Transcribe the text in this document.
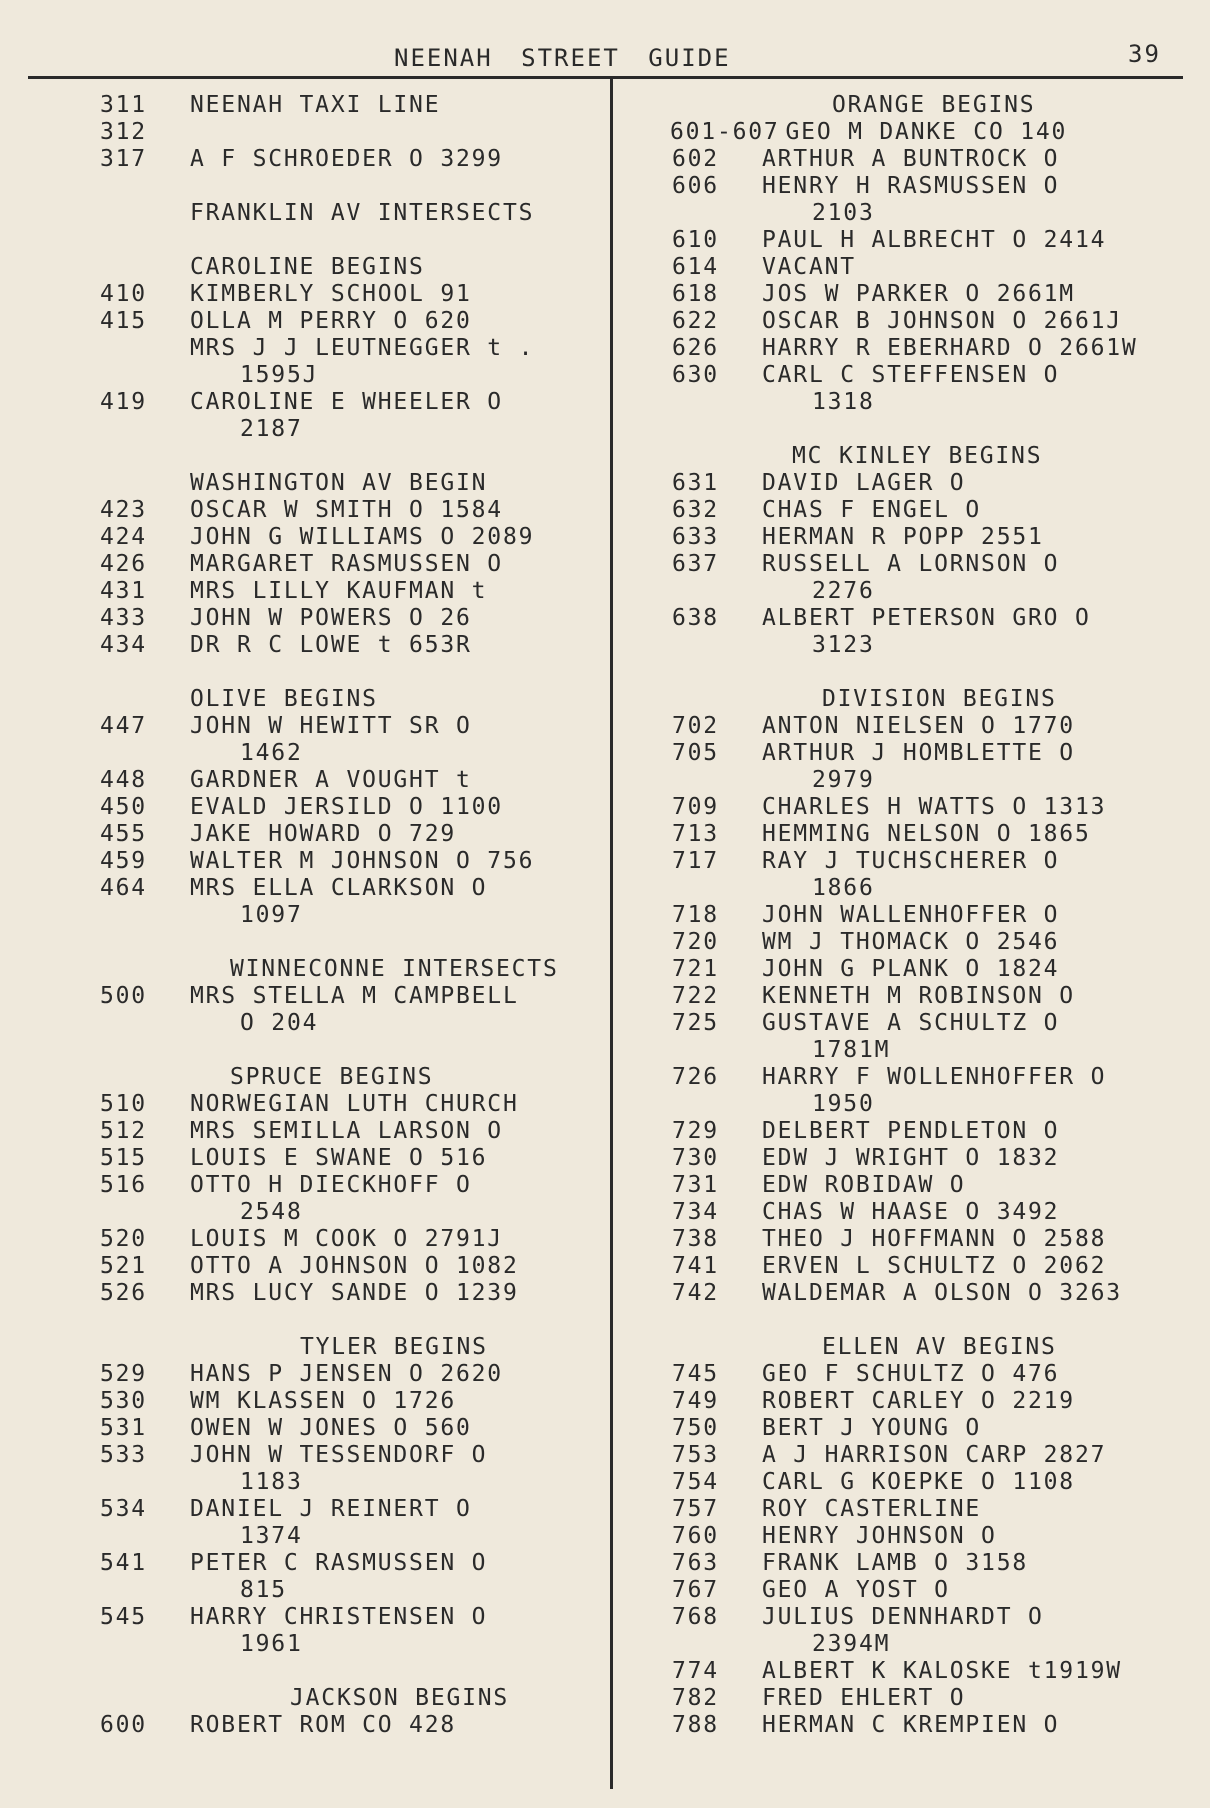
NEENAH STREET GUIDE	39
311 NEENAH TAXI LINE
312
317 A F SCHROEDER O 3299
FRANKLIN AV INTERSECTS
CAROLINE BEGINS
410 KIMBERLY SCHOOL 91
415 OLLA M PERRY O 620
MRS J J LEUTNEGGER t .
1595J
419 CAROLINE E WHEELER O
2187
WASHINGTON AV BEGIN
423 OSCAR W SMITH O 1584
424 JOHN G WILLIAMS O 2089
426 MARGARET RASMUSSEN O
431 MRS LILLY KAUFMAN t
433 JOHN W POWERS O 26
434 DR R C LOWE t 653R
OLIVE BEGINS
447 JOHN W HEWITT SR O
1462
448 GARDNER A VOUGHT t
450 EVALD JERSILD O 1100
455 JAKE HOWARD O 729
459 WALTER M JOHNSON O 756
464 MRS ELLA CLARKSON O
1097
WINNECONNE INTERSECTS
500 MRS STELLA M CAMPBELL
O 204
SPRUCE BEGINS
510 NORWEGIAN LUTH CHURCH
512 MRS SEMILLA LARSON O
515 LOUIS E SWANE O 516
516 OTTO H DIECKHOFF O
2548
520 LOUIS M COOK O 2791J
521 OTTO A JOHNSON O 1082
526 MRS LUCY SANDE O 1239
TYLER BEGINS
529 HANS P JENSEN O 2620
530 WM KLASSEN O 1726
531 OWEN W JONES O 560
533 JOHN W TESSENDORF O
1183
534 DANIEL J REINERT O
1374
541 PETER C RASMUSSEN O
815
545 HARRY CHRISTENSEN O
1961
JACKSON BEGINS
600 ROBERT ROM CO 428
ORANGE BEGINS
601-607 GEO M DANKE CO 140
602 ARTHUR A BUNTROCK O
606 HENRY H RASMUSSEN O
2103
610 PAUL H ALBRECHT O 2414
614 VACANT
618 JOS W PARKER O 2661M
622 OSCAR B JOHNSON O 2661J
626 HARRY R EBERHARD O 2661W
630 CARL C STEFFENSEN O
1318
MC KINLEY BEGINS
631 DAVID LAGER O
632 CHAS F ENGEL O
633 HERMAN R POPP 2551
637 RUSSELL A LORNSON O
2276
638 ALBERT PETERSON GRO O
3123
DIVISION BEGINS
702 ANTON NIELSEN O 1770
705 ARTHUR J HOMBLETTE O
2979
709 CHARLES H WATTS O 1313
713 HEMMING NELSON O 1865
717 RAY J TUCHSCHERER O
1866
718 JOHN WALLENHOFFER O
720 WM J THOMACK O 2546
721 JOHN G PLANK O 1824
722 KENNETH M ROBINSON O
725 GUSTAVE A SCHULTZ O
1781M
726 HARRY F WOLLENHOFFER O
1950
729 DELBERT PENDLETON O
730 EDW J WRIGHT O 1832
731 EDW ROBIDAW O
734 CHAS W HAASE O 3492
738 THEO J HOFFMANN O 2588
741 ERVEN L SCHULTZ O 2062
742 WALDEMAR A OLSON O 3263
ELLEN AV BEGINS
745 GEO F SCHULTZ O 476
749 ROBERT CARLEY O 2219
750 BERT J YOUNG O
753 A J HARRISON CARP 2827
754 CARL G KOEPKE O 1108
757 ROY CASTERLINE
760 HENRY JOHNSON O
763 FRANK LAMB O 3158
767 GEO A YOST O
768 JULIUS DENNHARDT O
2394M
774 ALBERT K KALOSKE t1919W
782 FRED EHLERT O
788 HERMAN C KREMPIEN O
